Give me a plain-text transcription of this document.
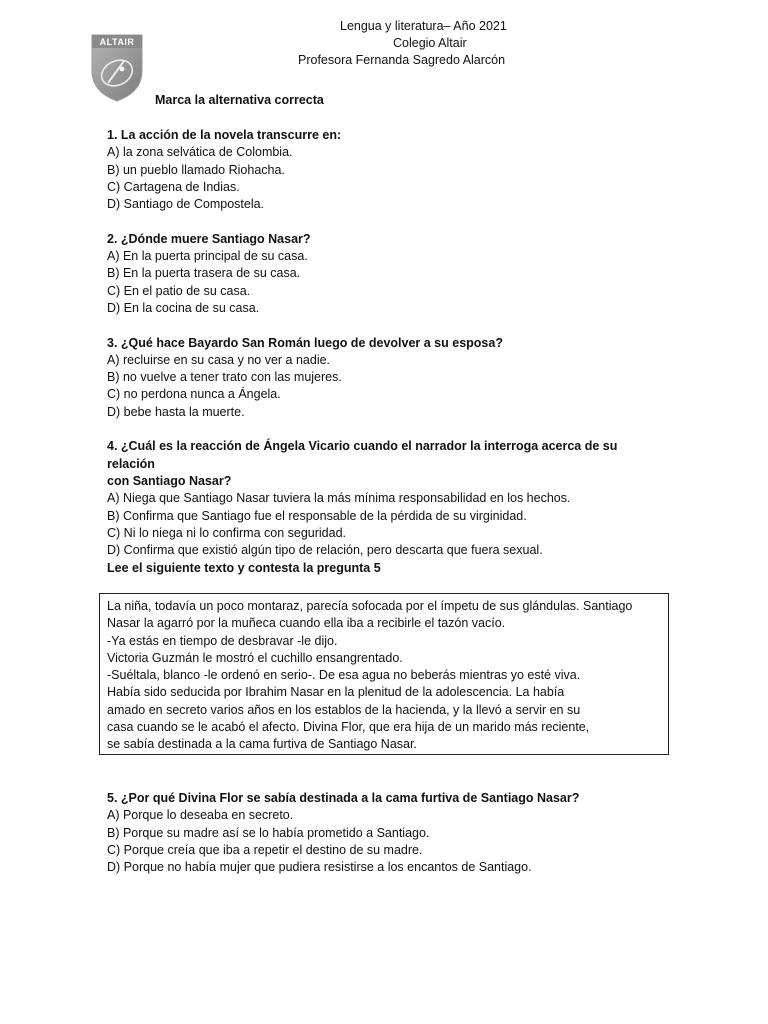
ALTAIR
Lengua y literatura– Año 2021
Colegio Altair
Profesora Fernanda Sagredo Alarcón
Marca la alternativa correcta
1. La acción de la novela transcurre en:
A) la zona selvática de Colombia.
B) un pueblo llamado Riohacha.
C) Cartagena de Indias.
D) Santiago de Compostela.
2. ¿Dónde muere Santiago Nasar?
A) En la puerta principal de su casa.
B) En la puerta trasera de su casa.
C) En el patio de su casa.
D) En la cocina de su casa.
3. ¿Qué hace Bayardo San Román luego de devolver a su esposa?
A) recluirse en su casa y no ver a nadie.
B) no vuelve a tener trato con las mujeres.
C) no perdona nunca a Ángela.
D) bebe hasta la muerte.
4. ¿Cuál es la reacción de Ángela Vicario cuando el narrador la interroga acerca de su relación
con Santiago Nasar?
A) Niega que Santiago Nasar tuviera la más mínima responsabilidad en los hechos.
B) Confirma que Santiago fue el responsable de la pérdida de su virginidad.
C) Ni lo niega ni lo confirma con seguridad.
D) Confirma que existió algún tipo de relación, pero descarta que fuera sexual.
Lee el siguiente texto y contesta la pregunta 5
La niña, todavía un poco montaraz, parecía sofocada por el ímpetu de sus glándulas. Santiago
Nasar la agarró por la muñeca cuando ella iba a recibirle el tazón vacío.
-Ya estás en tiempo de desbravar -le dijo.
Victoria Guzmán le mostró el cuchillo ensangrentado.
-Suéltala, blanco -le ordenó en serio-. De esa agua no beberás mientras yo esté viva.
Había sido seducida por Ibrahim Nasar en la plenitud de la adolescencia. La había
amado en secreto varios años en los establos de la hacienda, y la llevó a servir en su
casa cuando se le acabó el afecto. Divina Flor, que era hija de un marido más reciente,
se sabía destinada a la cama furtiva de Santiago Nasar.
5. ¿Por qué Divina Flor se sabía destinada a la cama furtiva de Santiago Nasar?
A) Porque lo deseaba en secreto.
B) Porque su madre así se lo había prometido a Santiago.
C) Porque creía que iba a repetir el destino de su madre.
D) Porque no había mujer que pudiera resistirse a los encantos de Santiago.
